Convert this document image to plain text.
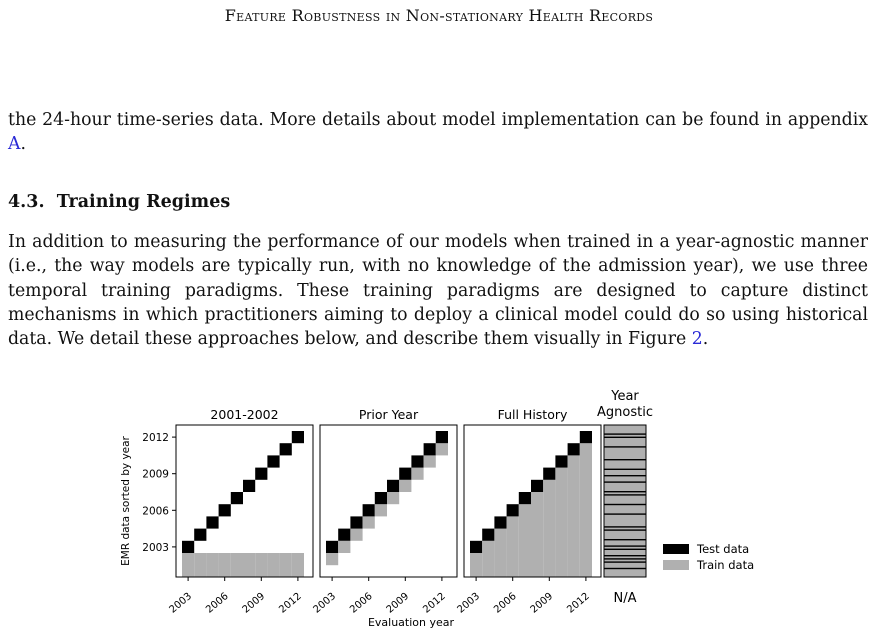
Feature Robustness in Non-stationary Health Records
the 24-hour time-series data. More details about model implementation can be found in appendix A.
4.3. Training Regimes
In addition to measuring the performance of our models when trained in a year-agnostic manner (i.e., the way models are typically run, with no knowledge of the admission year), we use three temporal training paradigms. These training paradigms are designed to capture distinct mechanisms in which practitioners aiming to deploy a clinical model could do so using historical data. We detail these approaches below, and describe them visually in Figure 2.
2001-2002
2003 2006 2009 2012
2003
2006
2009
2012
Prior Year
2003 2006 2009 2012
Full History
2003 2006 2009 2012
Year
Agnostic
N/A
EMR data sorted by year
Evaluation year
Test data
Train data
